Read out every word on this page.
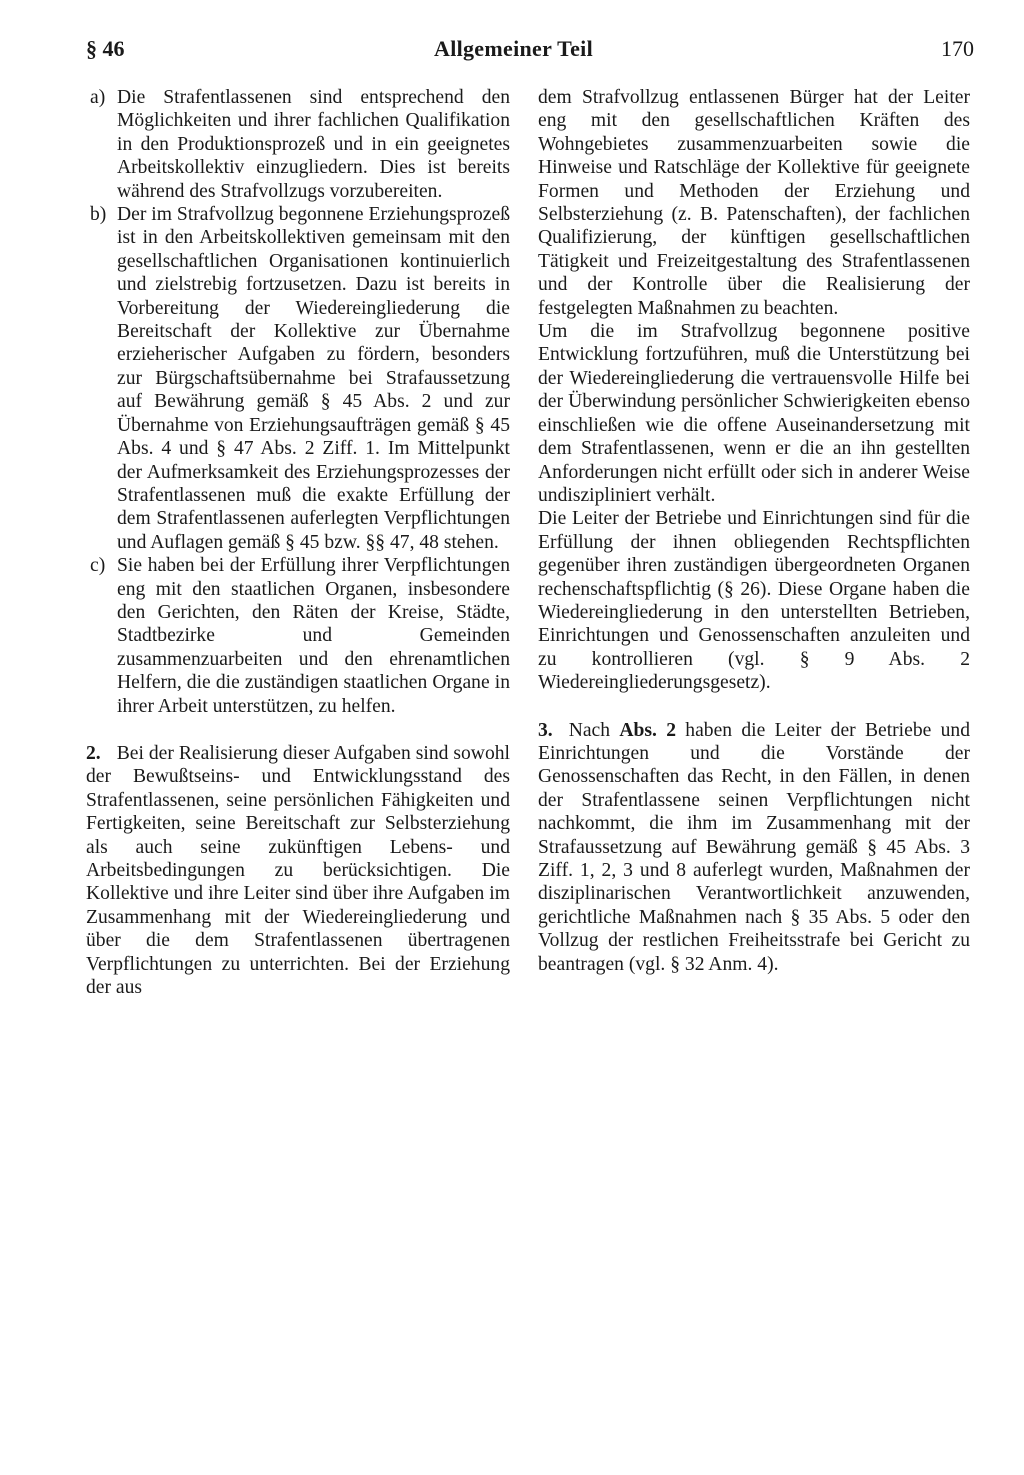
§ 46	Allgemeiner Teil	170
a) Die Strafentlassenen sind entsprechend den Möglichkeiten und ihrer fachlichen Qualifikation in den Produktionsprozeß und in ein geeignetes Arbeitskollektiv einzugliedern. Dies ist bereits während des Strafvollzugs vorzubereiten.
b) Der im Strafvollzug begonnene Erziehungsprozeß ist in den Arbeitskollektiven gemeinsam mit den gesellschaftlichen Organisationen kontinuierlich und zielstrebig fortzusetzen. Dazu ist bereits in Vorbereitung der Wiedereingliederung die Bereitschaft der Kollektive zur Übernahme erzieherischer Aufgaben zu fördern, besonders zur Bürgschaftsübernahme bei Strafaussetzung auf Bewährung gemäß § 45 Abs. 2 und zur Übernahme von Erziehungsaufträgen gemäß § 45 Abs. 4 und § 47 Abs. 2 Ziff. 1. Im Mittelpunkt der Aufmerksamkeit des Erziehungsprozesses der Strafentlassenen muß die exakte Erfüllung der dem Strafentlassenen auferlegten Verpflichtungen und Auflagen gemäß § 45 bzw. §§ 47, 48 stehen.
c) Sie haben bei der Erfüllung ihrer Verpflichtungen eng mit den staatlichen Organen, insbesondere den Gerichten, den Räten der Kreise, Städte, Stadtbezirke und Gemeinden zusammenzuarbeiten und den ehrenamtlichen Helfern, die die zuständigen staatlichen Organe in ihrer Arbeit unterstützen, zu helfen.
2. Bei der Realisierung dieser Aufgaben sind sowohl der Bewußtseins- und Entwicklungsstand des Strafentlassenen, seine persönlichen Fähigkeiten und Fertigkeiten, seine Bereitschaft zur Selbsterziehung als auch seine zukünftigen Lebens- und Arbeitsbedingungen zu berücksichtigen. Die Kollektive und ihre Leiter sind über ihre Aufgaben im Zusammenhang mit der Wiedereingliederung und über die dem Strafentlassenen übertragenen Verpflichtungen zu unterrichten. Bei der Erziehung der aus
dem Strafvollzug entlassenen Bürger hat der Leiter eng mit den gesellschaftlichen Kräften des Wohngebietes zusammenzuarbeiten sowie die Hinweise und Ratschläge der Kollektive für geeignete Formen und Methoden der Erziehung und Selbsterziehung (z. B. Patenschaften), der fachlichen Qualifizierung, der künftigen gesellschaftlichen Tätigkeit und Freizeitgestaltung des Strafentlassenen und der Kontrolle über die Realisierung der festgelegten Maßnahmen zu beachten.
Um die im Strafvollzug begonnene positive Entwicklung fortzuführen, muß die Unterstützung bei der Wiedereingliederung die vertrauensvolle Hilfe bei der Überwindung persönlicher Schwierigkeiten ebenso einschließen wie die offene Auseinandersetzung mit dem Strafentlassenen, wenn er die an ihn gestellten Anforderungen nicht erfüllt oder sich in anderer Weise undiszipliniert verhält.
Die Leiter der Betriebe und Einrichtungen sind für die Erfüllung der ihnen obliegenden Rechtspflichten gegenüber ihren zuständigen übergeordneten Organen rechenschaftspflichtig (§ 26). Diese Organe haben die Wiedereingliederung in den unterstellten Betrieben, Einrichtungen und Genossenschaften anzuleiten und zu kontrollieren (vgl. § 9 Abs. 2 Wiedereingliederungsgesetz).
3. Nach Abs. 2 haben die Leiter der Betriebe und Einrichtungen und die Vorstände der Genossenschaften das Recht, in den Fällen, in denen der Strafentlassene seinen Verpflichtungen nicht nachkommt, die ihm im Zusammenhang mit der Strafaussetzung auf Bewährung gemäß § 45 Abs. 3 Ziff. 1, 2, 3 und 8 auferlegt wurden, Maßnahmen der disziplinarischen Verantwortlichkeit anzuwenden, gerichtliche Maßnahmen nach § 35 Abs. 5 oder den Vollzug der restlichen Freiheitsstrafe bei Gericht zu beantragen (vgl. § 32 Anm. 4).
